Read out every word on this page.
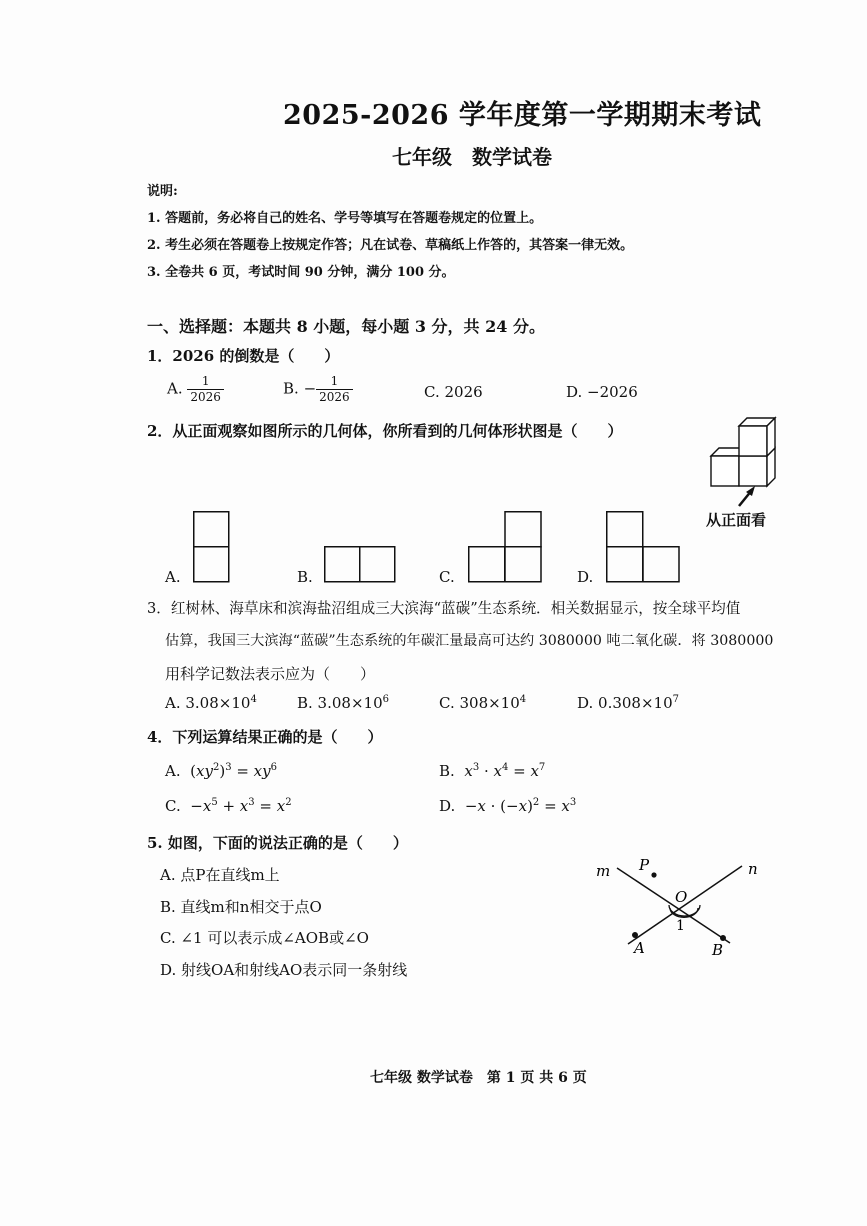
2025-2026 学年度第一学期期末考试
七年级　数学试卷
说明:
1. 答题前，务必将自己的姓名、学号等填写在答题卷规定的位置上。
2. 考生必须在答题卷上按规定作答；凡在试卷、草稿纸上作答的，其答案一律无效。
3. 全卷共 6 页，考试时间 90 分钟，满分 100 分。
一、选择题：本题共 8 小题，每小题 3 分，共 24 分。
1．2026 的倒数是（　　）
A. $\frac{1}{2026}$	B. − $\frac{1}{2026}$	C. 2026	D. −2026
2．从正面观察如图所示的几何体，你所看到的几何体形状图是（　　）
从正面看
A.	B.	C.	D.
3．红树林、海草床和滨海盐沼组成三大滨海“蓝碳”生态系统．相关数据显示，按全球平均值
估算，我国三大滨海“蓝碳”生态系统的年碳汇量最高可达约 3080000 吨二氧化碳．将 3080000
用科学记数法表示应为（　　）
A. $3.08\times 10^4$	B. $3.08\times 10^6$	C. $308\times 10^4$	D. $0.308\times 10^7$
4．下列运算结果正确的是（　　）
A. $(xy^2)^3 = xy^6$	B. $x^3 \cdot x^4 = x^7$
C. $-x^5 + x^3 = x^2$	D. $-x \cdot (-x)^2 = x^3$
5. 如图，下面的说法正确的是（　　）
A. 点P在直线m上
B. 直线m和n相交于点O
C. ∠1 可以表示成∠AOB或∠O
D. 射线OA和射线AO表示同一条射线
m	n
P
O
1
A	B
七年级 数学试卷　第 1 页 共 6 页
